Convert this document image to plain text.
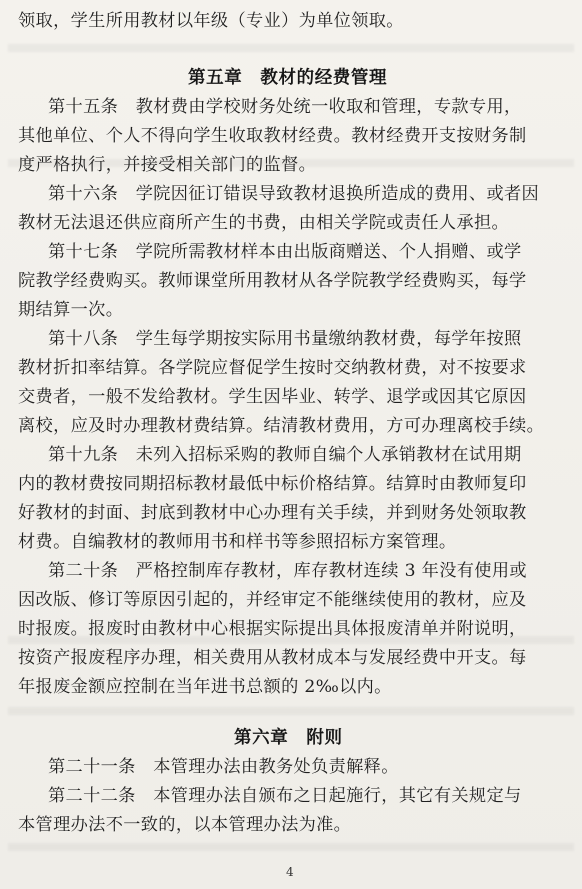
领取，学生所用教材以年级（专业）为单位领取。
第五章　教材的经费管理
第十五条　教材费由学校财务处统一收取和管理，专款专用，
其他单位、个人不得向学生收取教材经费。教材经费开支按财务制
度严格执行，并接受相关部门的监督。
第十六条　学院因征订错误导致教材退换所造成的费用、或者因
教材无法退还供应商所产生的书费，由相关学院或责任人承担。
第十七条　学院所需教材样本由出版商赠送、个人捐赠、或学
院教学经费购买。教师课堂所用教材从各学院教学经费购买，每学
期结算一次。
第十八条　学生每学期按实际用书量缴纳教材费，每学年按照
教材折扣率结算。各学院应督促学生按时交纳教材费，对不按要求
交费者，一般不发给教材。学生因毕业、转学、退学或因其它原因
离校，应及时办理教材费结算。结清教材费用，方可办理离校手续。
第十九条　未列入招标采购的教师自编个人承销教材在试用期
内的教材费按同期招标教材最低中标价格结算。结算时由教师复印
好教材的封面、封底到教材中心办理有关手续，并到财务处领取教
材费。自编教材的教师用书和样书等参照招标方案管理。
第二十条　严格控制库存教材，库存教材连续 3 年没有使用或
因改版、修订等原因引起的，并经审定不能继续使用的教材，应及
时报废。报废时由教材中心根据实际提出具体报废清单并附说明，
按资产报废程序办理，相关费用从教材成本与发展经费中开支。每
年报废金额应控制在当年进书总额的 2‰以内。
第六章　附则
第二十一条　本管理办法由教务处负责解释。
第二十二条　本管理办法自颁布之日起施行，其它有关规定与
本管理办法不一致的，以本管理办法为准。
4
